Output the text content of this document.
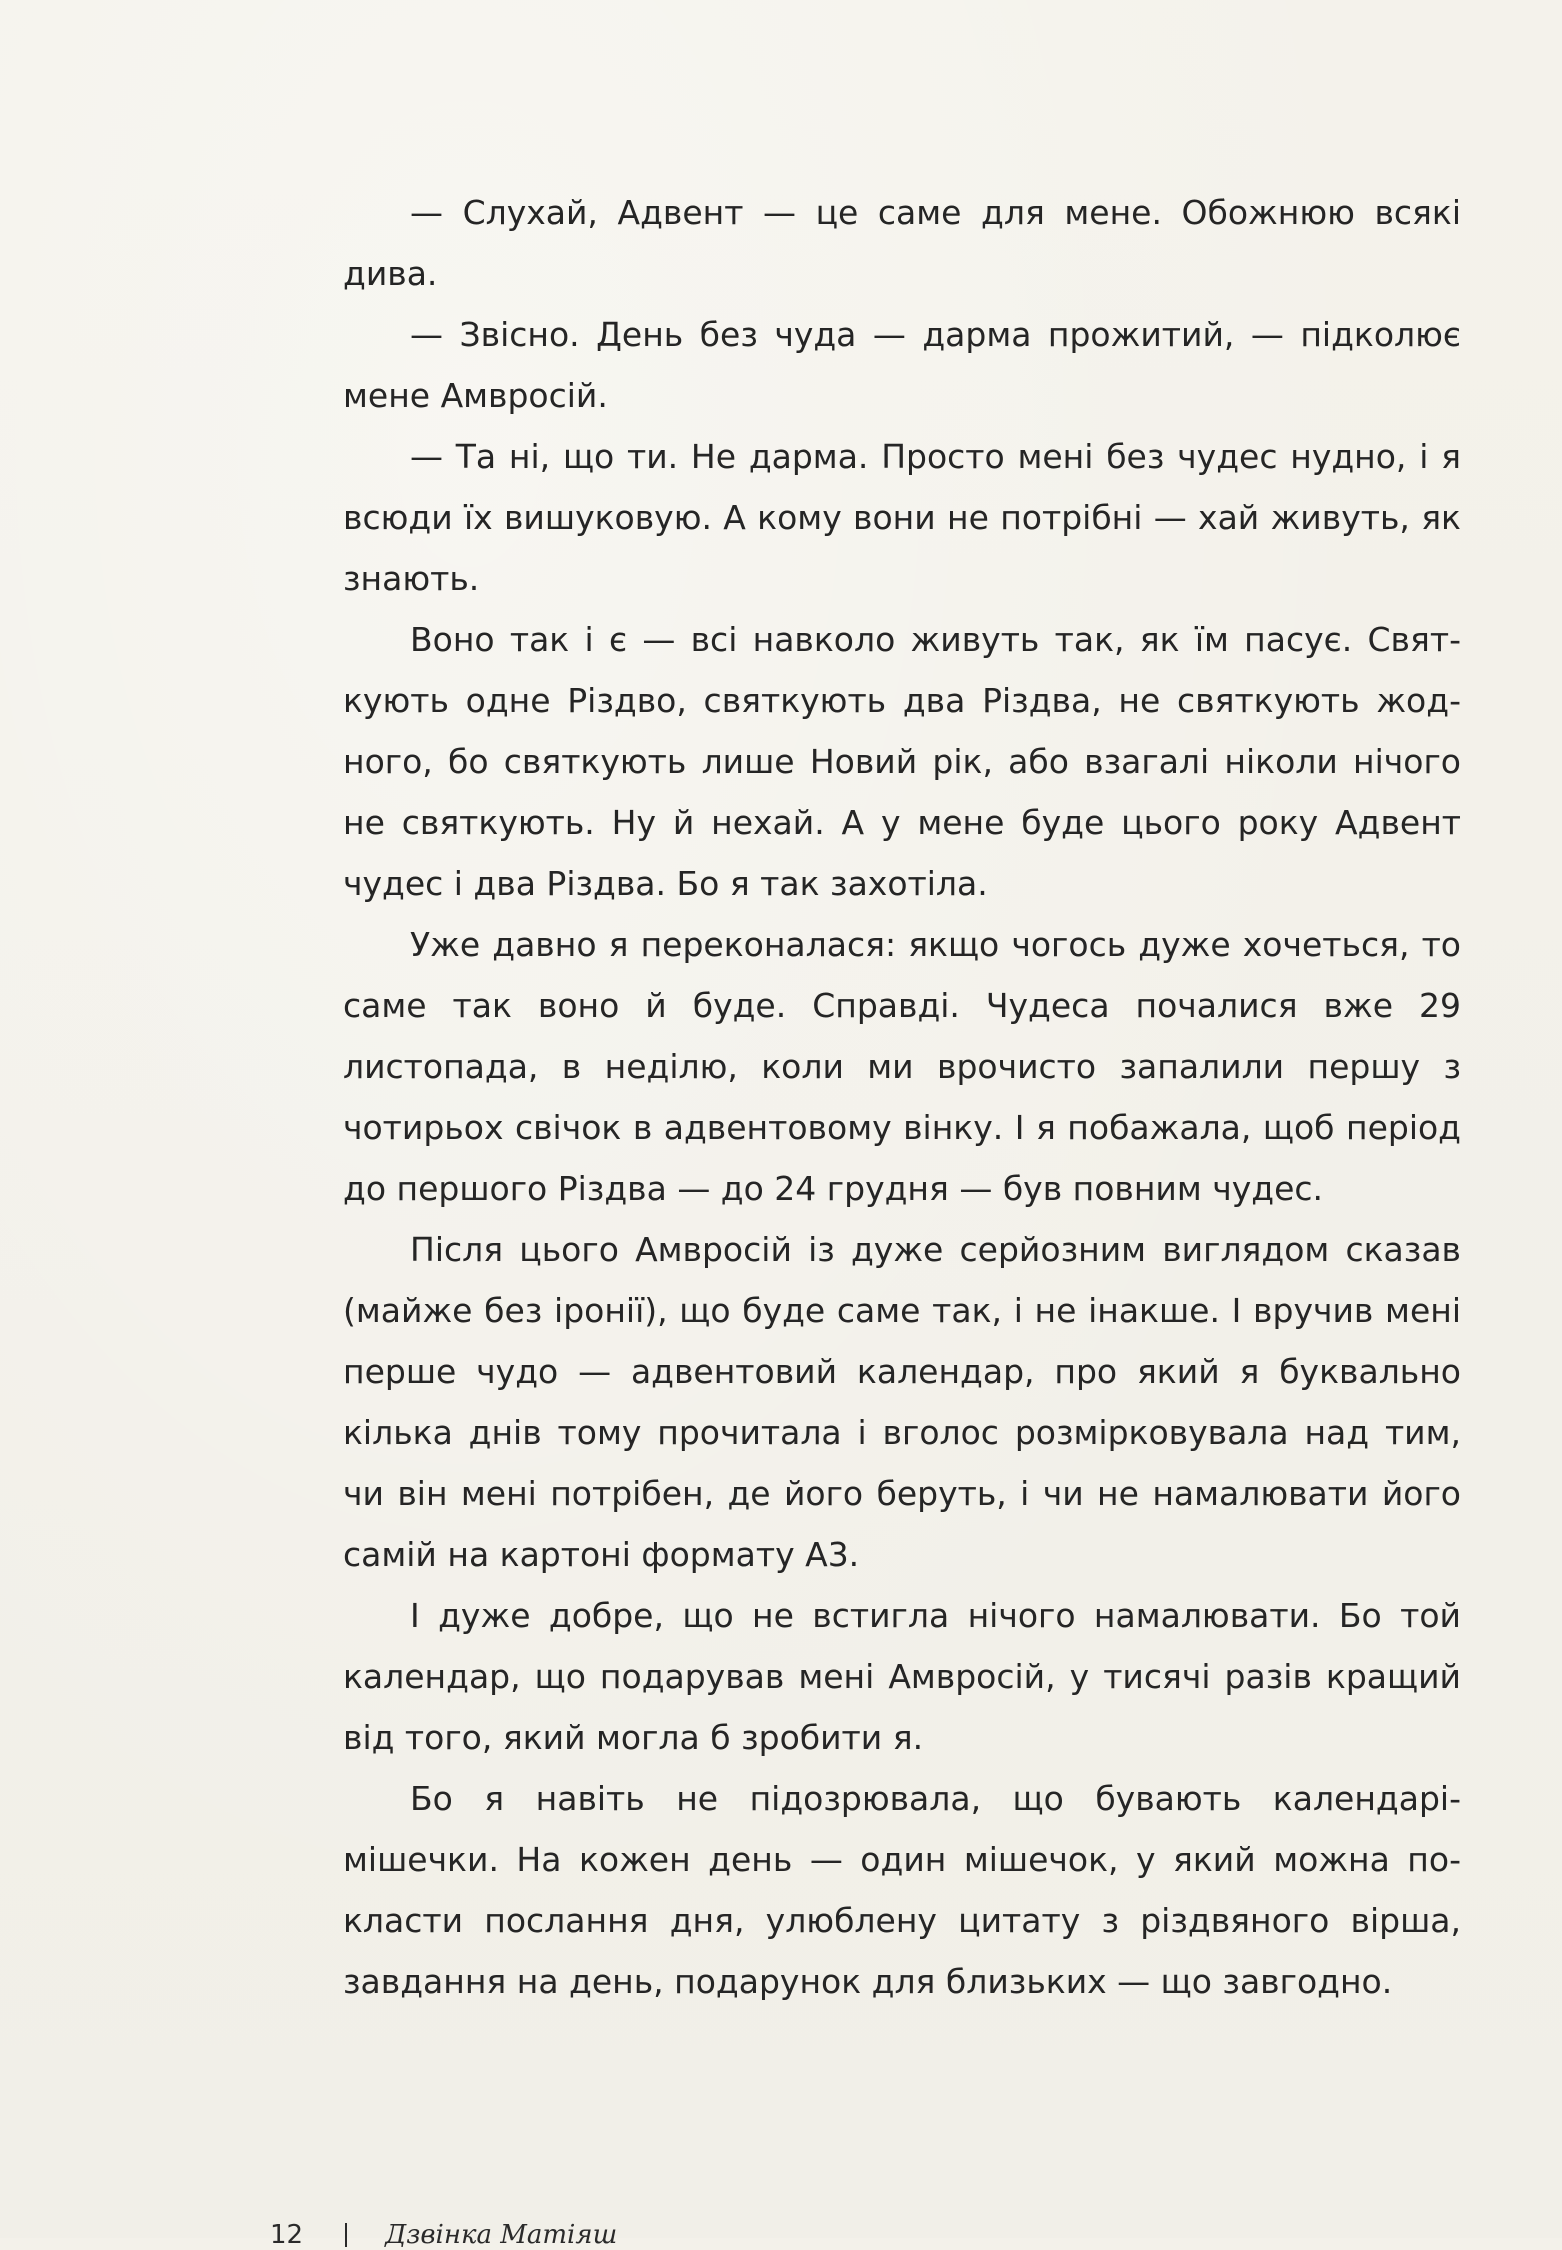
— Слухай, Адвент — це саме для мене. Обожнюю всякі дива.

— Звісно. День без чуда — дарма прожитий, — підколює мене Амвросій.

— Та ні, що ти. Не дарма. Просто мені без чудес нудно, і я всюди їх вишуковую. А кому вони не потрібні — хай живуть, як знають.

Воно так і є — всі навколо живуть так, як їм пасує. Святкують одне Різдво, святкують два Різдва, не святкують жодного, бо святкують лише Новий рік, або взагалі ніколи нічого не святкують. Ну й нехай. А у мене буде цього року Адвент чудес і два Різдва. Бо я так захотіла.

Уже давно я переконалася: якщо чогось дуже хочеться, то саме так воно й буде. Справді. Чудеса почалися вже 29 листопада, в неділю, коли ми врочисто запалили першу з чотирьох свічок в адвентовому вінку. І я побажала, щоб період до першого Різдва — до 24 грудня — був повним чудес.

Після цього Амвросій із дуже серйозним виглядом сказав (майже без іронії), що буде саме так, і не інакше. І вручив мені перше чудо — адвентовий календар, про який я буквально кілька днів тому прочитала і вголос розмірковувала над тим, чи він мені потрібен, де його беруть, і чи не намалювати його самій на картоні формату А3.

І дуже добре, що не встигла нічого намалювати. Бо той календар, що подарував мені Амвросій, у тисячі разів кращий від того, який могла б зробити я.

Бо я навіть не підозрювала, що бувають календарі-мішечки. На кожен день — один мішечок, у який можна покласти послання дня, улюблену цитату з різдвяного вірша, завдання на день, подарунок для близьких — що завгодно.

12	Дзвінка Матіяш
